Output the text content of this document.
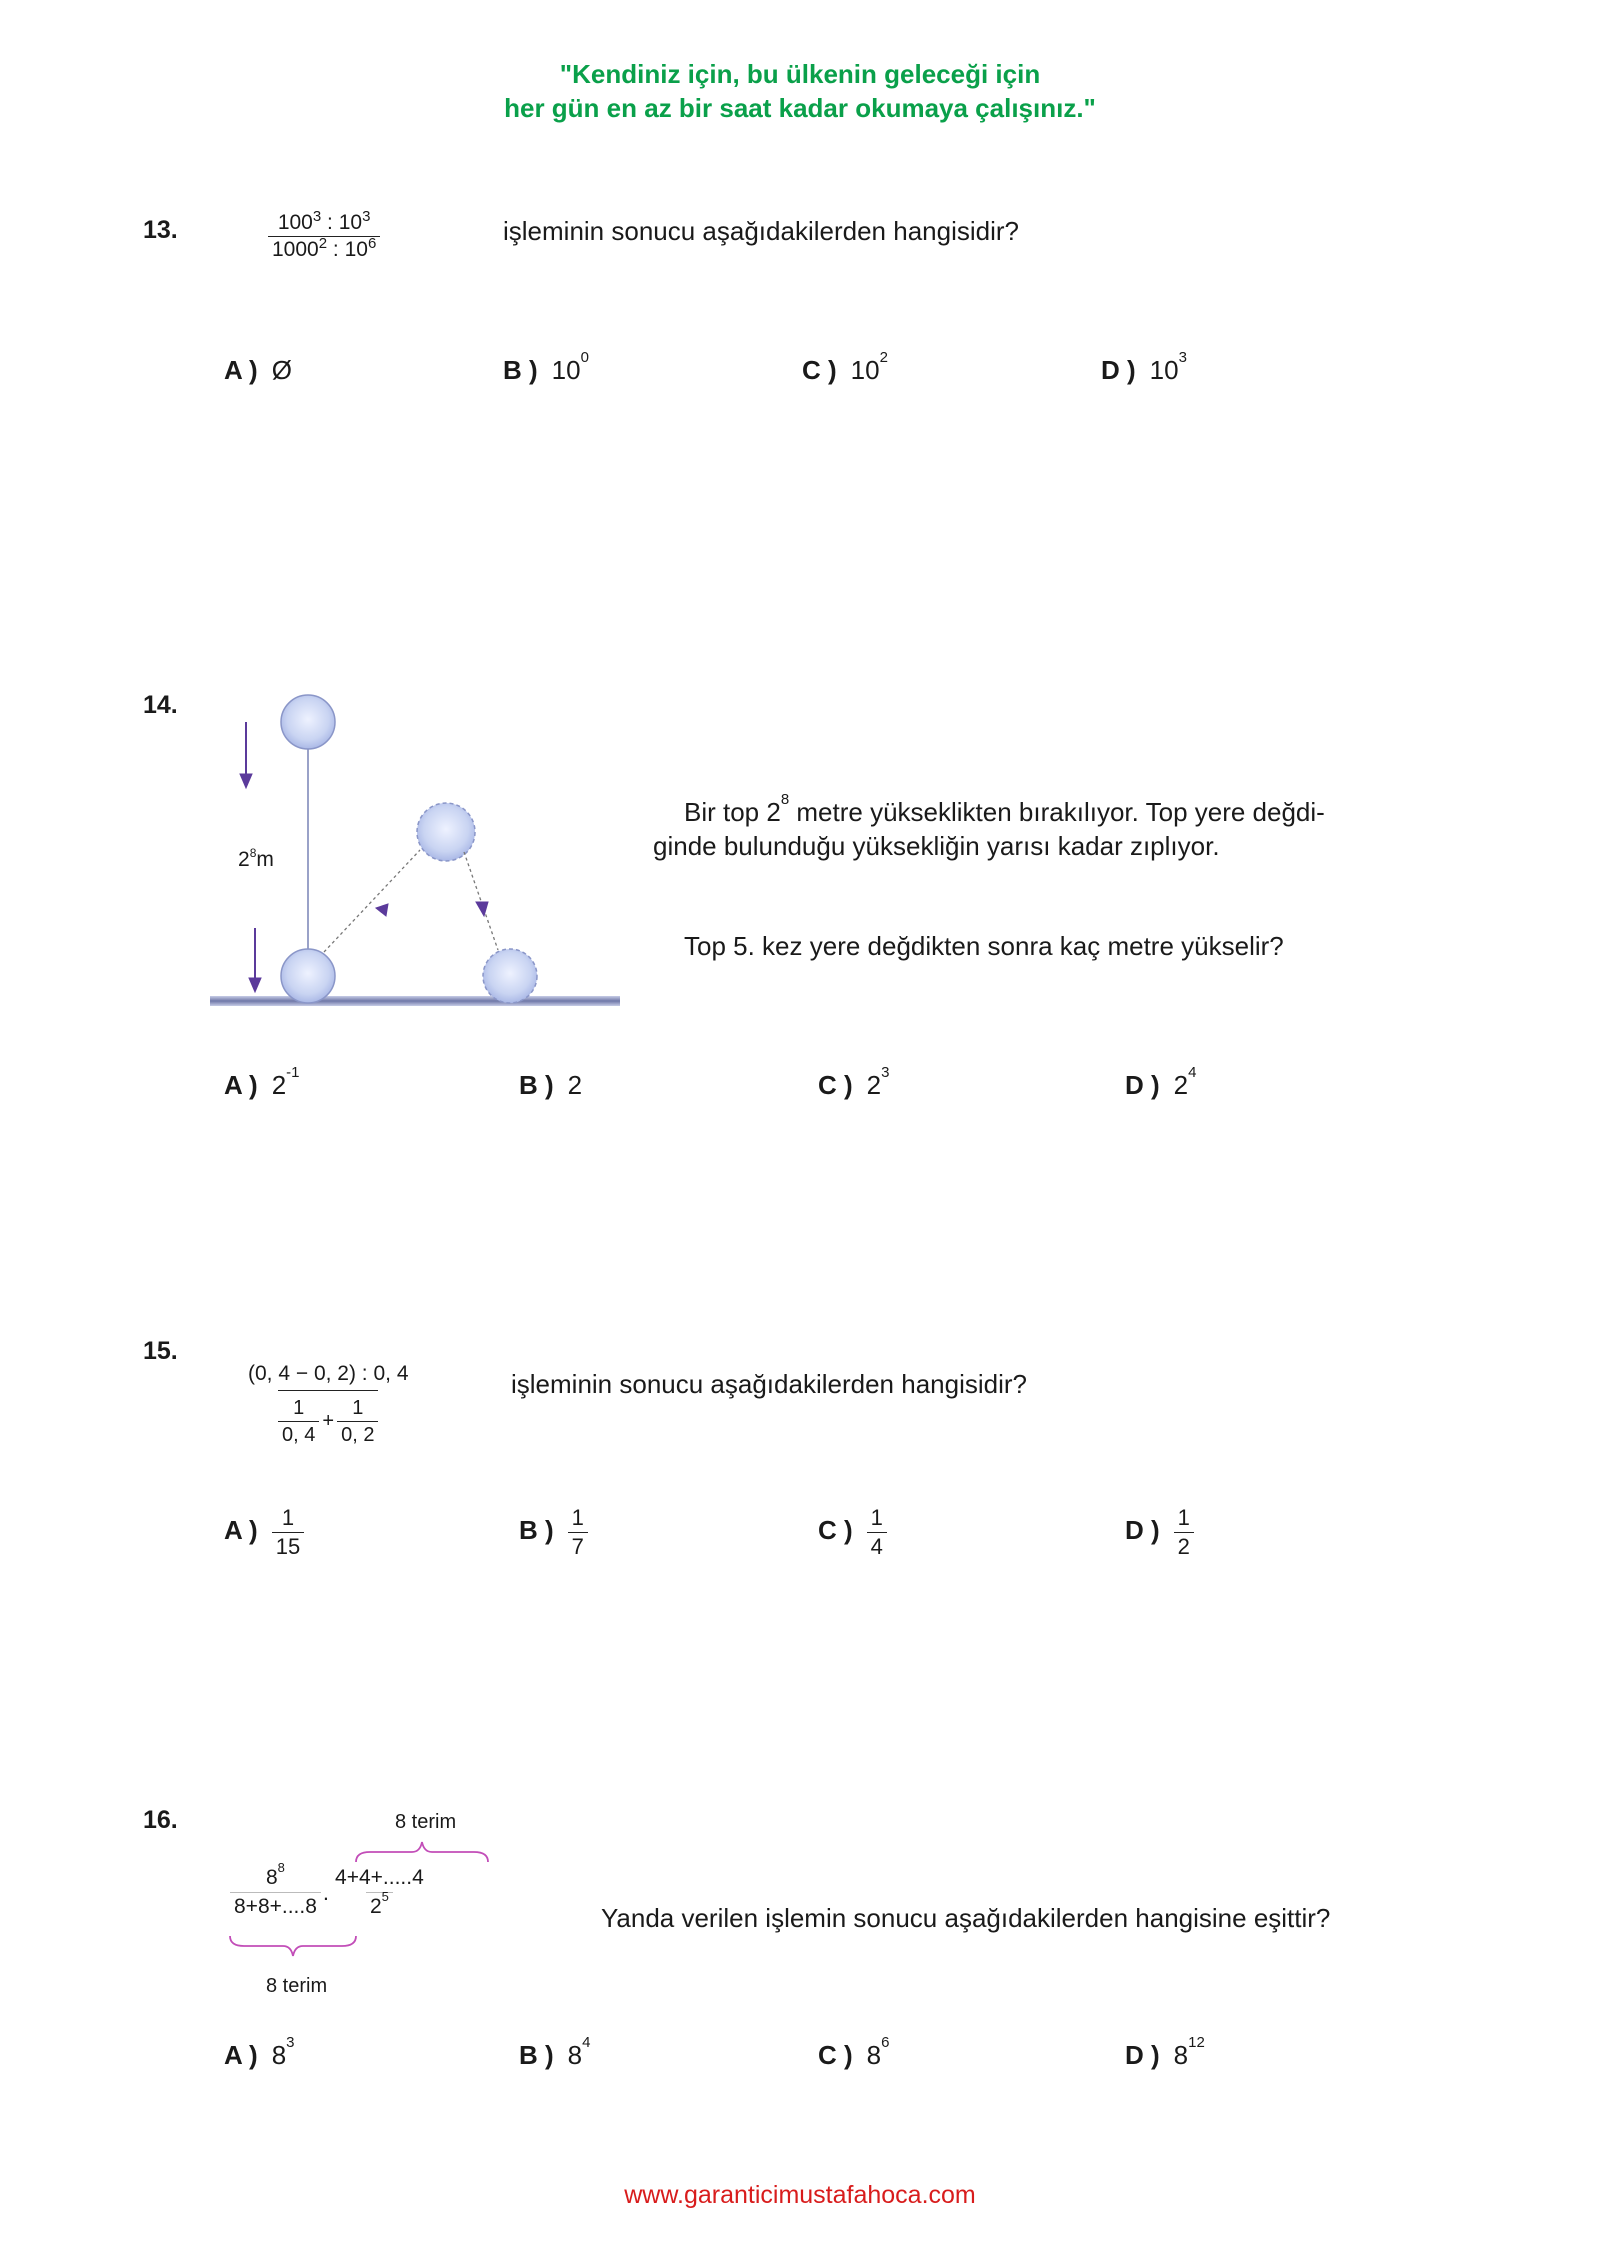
"Kendiniz için, bu ülkenin geleceği için
her gün en az bir saat kadar okumaya çalışınız."
13.	$\frac{100^3 : 10^3}{1000^2 : 10^6}$	işleminin sonucu aşağıdakilerden hangisidir?
A ) Ø	B ) $10^0$	C ) $10^2$	D ) $10^3$
14.
$2^8m$
Bir top $2^8$ metre yükseklikten bırakılıyor. Top yere değdi-
ginde bulunduğu yüksekliğin yarısı kadar zıplıyor.
Top 5. kez yere değdikten sonra kaç metre yükselir?
A ) $2^{-1}$	B ) 2	C ) $2^3$	D ) $2^4$
15.
$\frac{(0, 4 - 0, 2) : 0, 4}{\frac{1}{0, 4} + \frac{1}{0, 2}}$	işleminin sonucu aşağıdakilerden hangisidir?
A ) $\frac{1}{15}$	B ) $\frac{1}{7}$	C ) $\frac{1}{4}$	D ) $\frac{1}{2}$
16.	8 terim
$8^8$
8+8+....8
.
4+4+.....4
$2^5$
8 terim
Yanda verilen işlemin sonucu aşağıdakilerden hangisine eşittir?
A ) $8^3$	B ) $8^4$	C ) $8^6$	D ) $8^{12}$
www.garanticimustafahoca.com
